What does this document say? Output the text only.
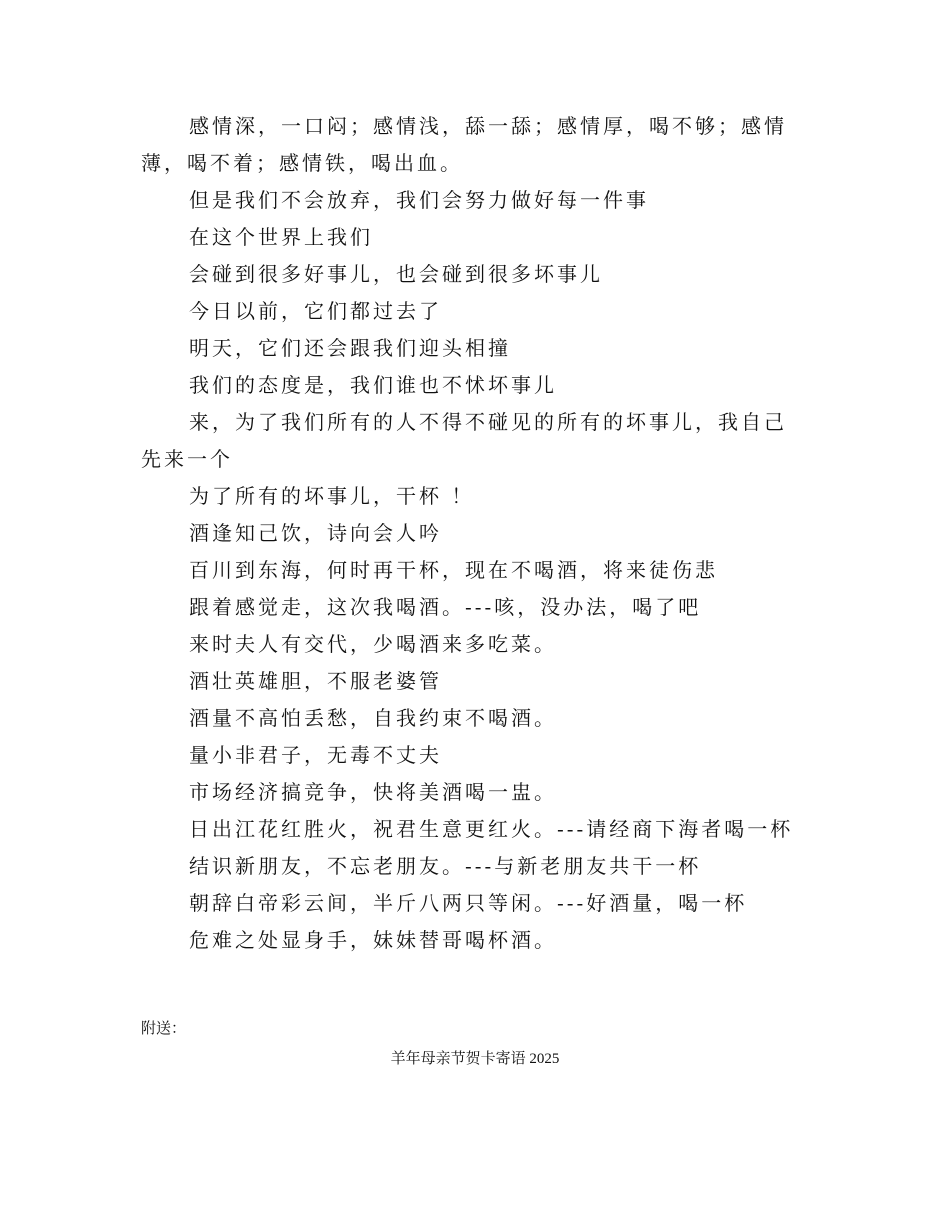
感情深，一口闷；感情浅，舔一舔；感情厚，喝不够；感情薄，喝不着；感情铁，喝出血。

但是我们不会放弃，我们会努力做好每一件事

在这个世界上我们

会碰到很多好事儿，也会碰到很多坏事儿

今日以前，它们都过去了

明天，它们还会跟我们迎头相撞

我们的态度是，我们谁也不怵坏事儿

来，为了我们所有的人不得不碰见的所有的坏事儿，我自己先来一个

为了所有的坏事儿，干杯 ！

酒逢知己饮，诗向会人吟

百川到东海，何时再干杯，现在不喝酒，将来徒伤悲

跟着感觉走，这次我喝酒。---咳，没办法，喝了吧

来时夫人有交代，少喝酒来多吃菜。

酒壮英雄胆，不服老婆管

酒量不高怕丢愁，自我约束不喝酒。

量小非君子，无毒不丈夫

市场经济搞竞争，快将美酒喝一盅。

日出江花红胜火，祝君生意更红火。---请经商下海者喝一杯

结识新朋友，不忘老朋友。---与新老朋友共干一杯

朝辞白帝彩云间，半斤八两只等闲。---好酒量，喝一杯

危难之处显身手，妹妹替哥喝杯酒。

附送：

羊年母亲节贺卡寄语 2025
